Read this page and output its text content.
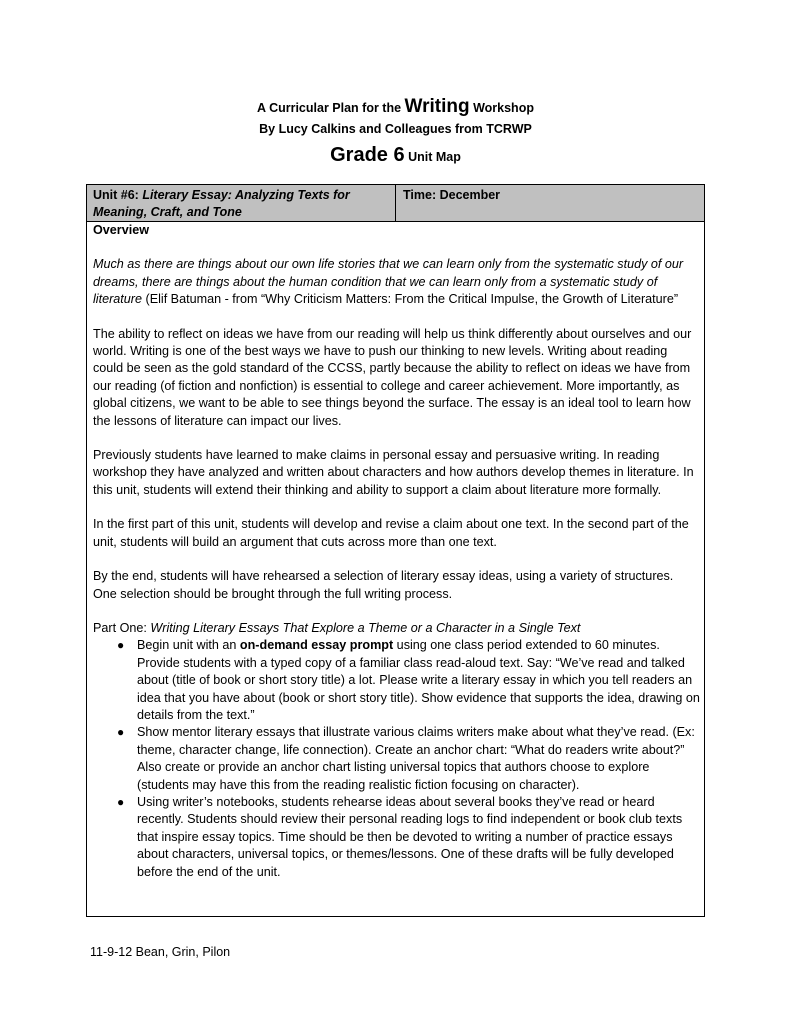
A Curricular Plan for the Writing Workshop
By Lucy Calkins and Colleagues from TCRWP
Grade 6 Unit Map
Unit #6: Literary Essay: Analyzing Texts for Meaning, Craft, and Tone
Time: December

Overview

Much as there are things about our own life stories that we can learn only from the systematic study of our dreams, there are things about the human condition that we can learn only from a systematic study of literature (Elif Batuman - from “Why Criticism Matters: From the Critical Impulse, the Growth of Literature”

The ability to reflect on ideas we have from our reading will help us think differently about ourselves and our world. Writing is one of the best ways we have to push our thinking to new levels. Writing about reading could be seen as the gold standard of the CCSS, partly because the ability to reflect on ideas we have from our reading (of fiction and nonfiction) is essential to college and career achievement. More importantly, as global citizens, we want to be able to see things beyond the surface. The essay is an ideal tool to learn how the lessons of literature can impact our lives.

Previously students have learned to make claims in personal essay and persuasive writing. In reading workshop they have analyzed and written about characters and how authors develop themes in literature. In this unit, students will extend their thinking and ability to support a claim about literature more formally.

In the first part of this unit, students will develop and revise a claim about one text. In the second part of the unit, students will build an argument that cuts across more than one text.

By the end, students will have rehearsed a selection of literary essay ideas, using a variety of structures. One selection should be brought through the full writing process.

Part One: Writing Literary Essays That Explore a Theme or a Character in a Single Text

● Begin unit with an on-demand essay prompt using one class period extended to 60 minutes. Provide students with a typed copy of a familiar class read-aloud text. Say: “We’ve read and talked about (title of book or short story title) a lot. Please write a literary essay in which you tell readers an idea that you have about (book or short story title). Show evidence that supports the idea, drawing on details from the text.”
● Show mentor literary essays that illustrate various claims writers make about what they’ve read. (Ex: theme, character change, life connection). Create an anchor chart: “What do readers write about?” Also create or provide an anchor chart listing universal topics that authors choose to explore (students may have this from the reading realistic fiction focusing on character).
● Using writer’s notebooks, students rehearse ideas about several books they’ve read or heard recently. Students should review their personal reading logs to find independent or book club texts that inspire essay topics. Time should be then be devoted to writing a number of practice essays about characters, universal topics, or themes/lessons. One of these drafts will be fully developed before the end of the unit.
11-9-12 Bean, Grin, Pilon
